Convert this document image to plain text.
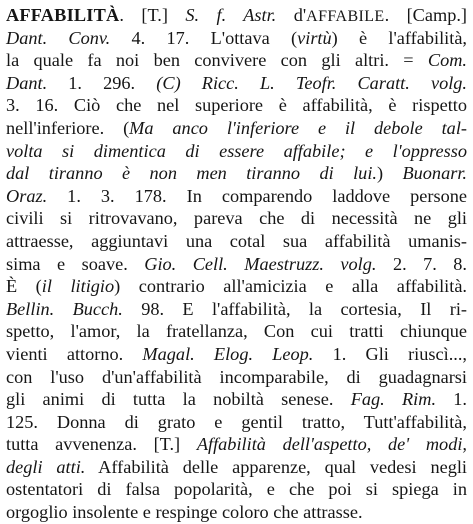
AFFABILITÀ. [T.] S. f. Astr. d'AFFABILE. [Camp.]
Dant. Conv. 4. 17. L'ottava (virtù) è l'affabilità,
la quale fa noi ben convivere con gli altri. = Com.
Dant. 1. 296. (C) Ricc. L. Teofr. Caratt. volg.
3. 16. Ciò che nel superiore è affabilità, è rispetto
nell'inferiore. (Ma anco l'inferiore e il debole tal-
volta si dimentica di essere affabile; e l'oppresso
dal tiranno è non men tiranno di lui.) Buonarr.
Oraz. 1. 3. 178. In comparendo laddove persone
civili si ritrovavano, pareva che di necessità ne gli
attraesse, aggiuntavi una cotal sua affabilità umanis-
sima e soave. Gio. Cell. Maestruzz. volg. 2. 7. 8.
È (il litigio) contrario all'amicizia e alla affabilità.
Bellin. Bucch. 98. E l'affabilità, la cortesia, Il ri-
spetto, l'amor, la fratellanza, Con cui tratti chiunque
vienti attorno. Magal. Elog. Leop. 1. Gli riuscì...,
con l'uso d'un'affabilità incomparabile, di guadagnarsi
gli animi di tutta la nobiltà senese. Fag. Rim. 1.
125. Donna di grato e gentil tratto, Tutt'affabilità,
tutta avvenenza. [T.] Affabilità dell'aspetto, de' modi,
degli atti. Affabilità delle apparenze, qual vedesi negli
ostentatori di falsa popolarità, e che poi si spiega in
orgoglio insolente e respinge coloro che attrasse.
